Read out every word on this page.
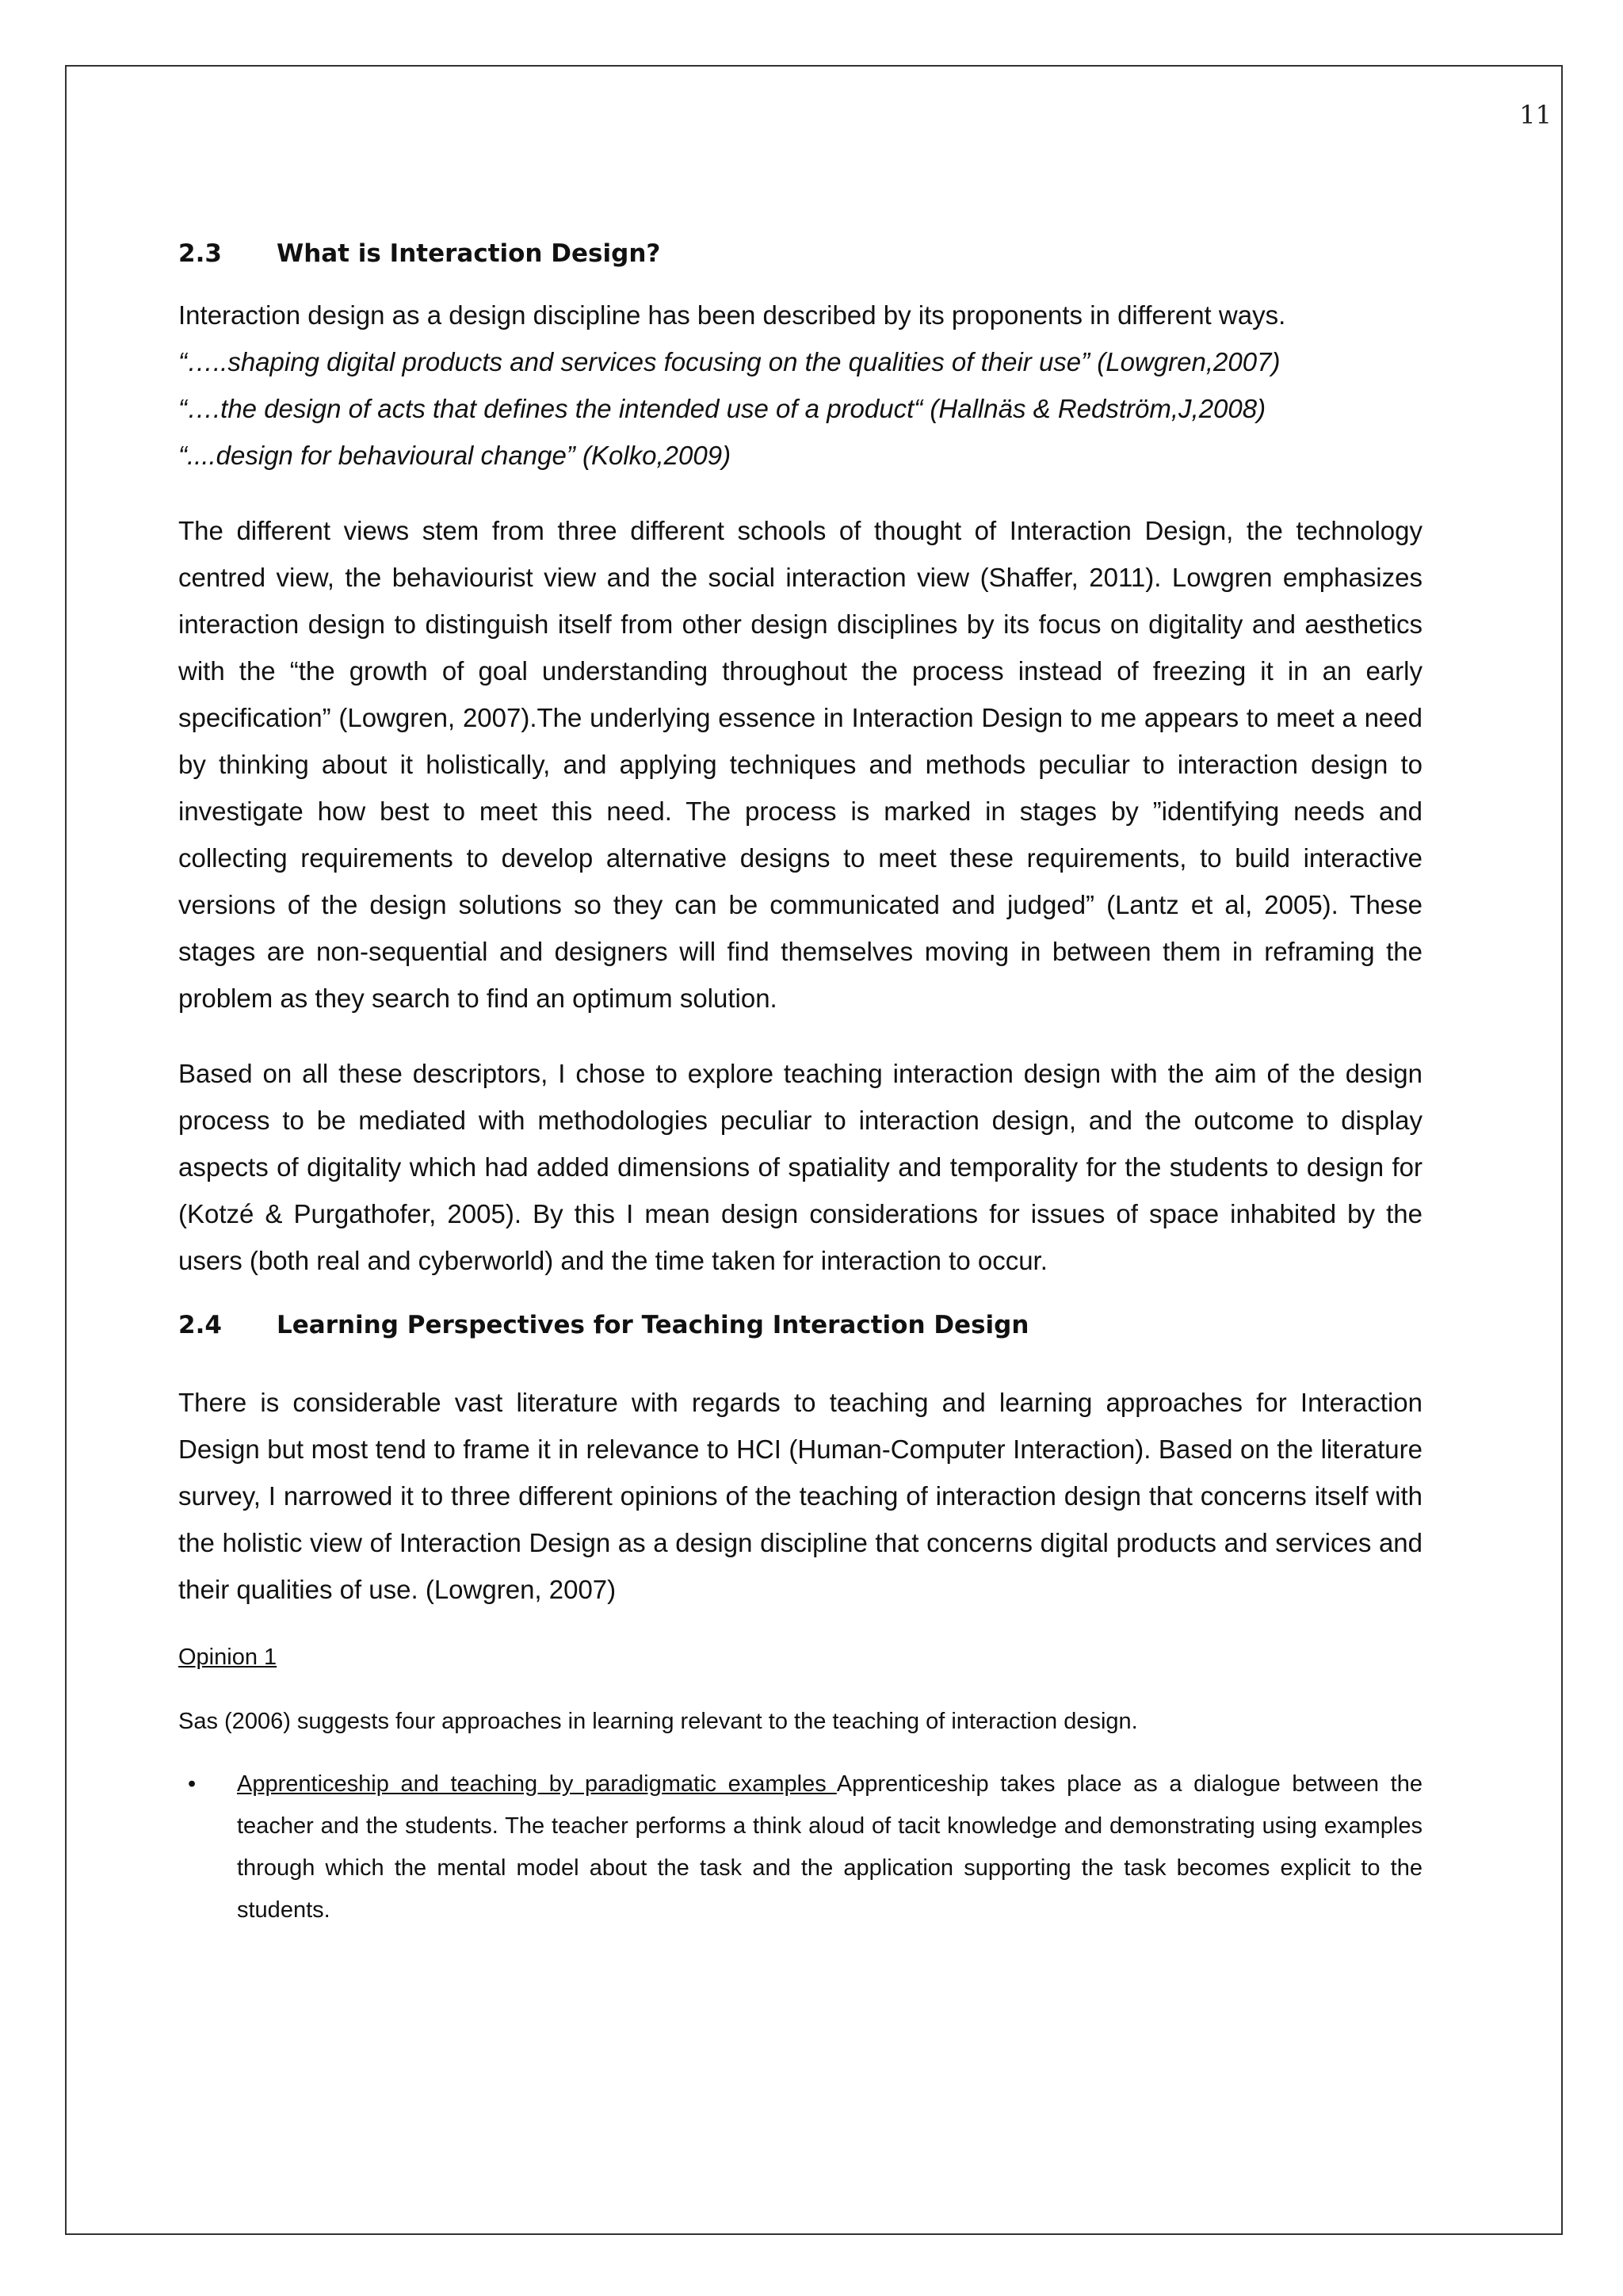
11
2.3	What is Interaction Design?

Interaction design as a design discipline has been described by its proponents in different ways.

“…..shaping digital products and services focusing on the qualities of their use” (Lowgren,2007)

“….the design of acts that defines the intended use of a product“ (Hallnäs & Redström,J,2008)

“....design for behavioural change” (Kolko,2009)

The different views stem from three different schools of thought of Interaction Design, the technology centred view, the behaviourist view and the social interaction view (Shaffer, 2011). Lowgren emphasizes interaction design to distinguish itself from other design disciplines by its focus on digitality and aesthetics with the “the growth of goal understanding throughout the process instead of freezing it in an early specification” (Lowgren, 2007).The underlying essence in Interaction Design to me appears to meet a need by thinking about it holistically, and applying techniques and methods peculiar to interaction design to investigate how best to meet this need. The process is marked in stages by ”identifying needs and collecting requirements to develop alternative designs to meet these requirements, to build interactive versions of the design solutions so they can be communicated and judged” (Lantz et al, 2005). These stages are non-sequential and designers will find themselves moving in between them in reframing the problem as they search to find an optimum solution.

Based on all these descriptors, I chose to explore teaching interaction design with the aim of the design process to be mediated with methodologies peculiar to interaction design, and the outcome to display aspects of digitality which had added dimensions of spatiality and temporality for the students to design for (Kotzé & Purgathofer, 2005). By this I mean design considerations for issues of space inhabited by the users (both real and cyberworld) and the time taken for interaction to occur.

2.4	Learning Perspectives for Teaching Interaction Design

There is considerable vast literature with regards to teaching and learning approaches for Interaction Design but most tend to frame it in relevance to HCI (Human-Computer Interaction). Based on the literature survey, I narrowed it to three different opinions of the teaching of interaction design that concerns itself with the holistic view of Interaction Design as a design discipline that concerns digital products and services and their qualities of use. (Lowgren, 2007)

Opinion 1

Sas (2006) suggests four approaches in learning relevant to the teaching of interaction design.

•	Apprenticeship and teaching by paradigmatic examples Apprenticeship takes place as a dialogue between the teacher and the students. The teacher performs a think aloud of tacit knowledge and demonstrating using examples through which the mental model about the task and the application supporting the task becomes explicit to the students.
